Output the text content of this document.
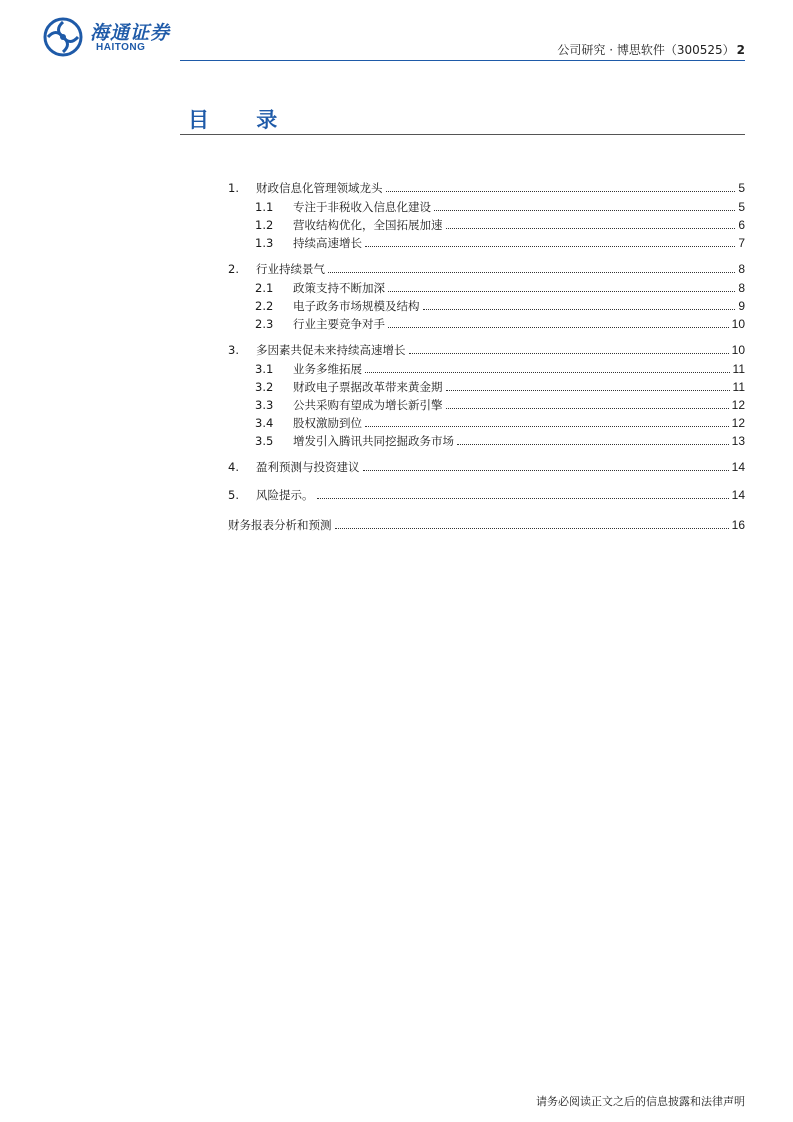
海通证券
HAITONG	公司研究 · 博思软件（300525） 2
目 录
1.	财政信息化管理领域龙头	5
1.1	专注于非税收入信息化建设	5
1.2	营收结构优化，全国拓展加速	6
1.3	持续高速增长	7
2.	行业持续景气	8
2.1	政策支持不断加深	8
2.2	电子政务市场规模及结构	9
2.3	行业主要竞争对手	10
3.	多因素共促未来持续高速增长	10
3.1	业务多维拓展	11
3.2	财政电子票据改革带来黄金期	11
3.3	公共采购有望成为增长新引擎	12
3.4	股权激励到位	12
3.5	增发引入腾讯共同挖掘政务市场	13
4.	盈利预测与投资建议	14
5.	风险提示。	14
财务报表分析和预测	16
请务必阅读正文之后的信息披露和法律声明
